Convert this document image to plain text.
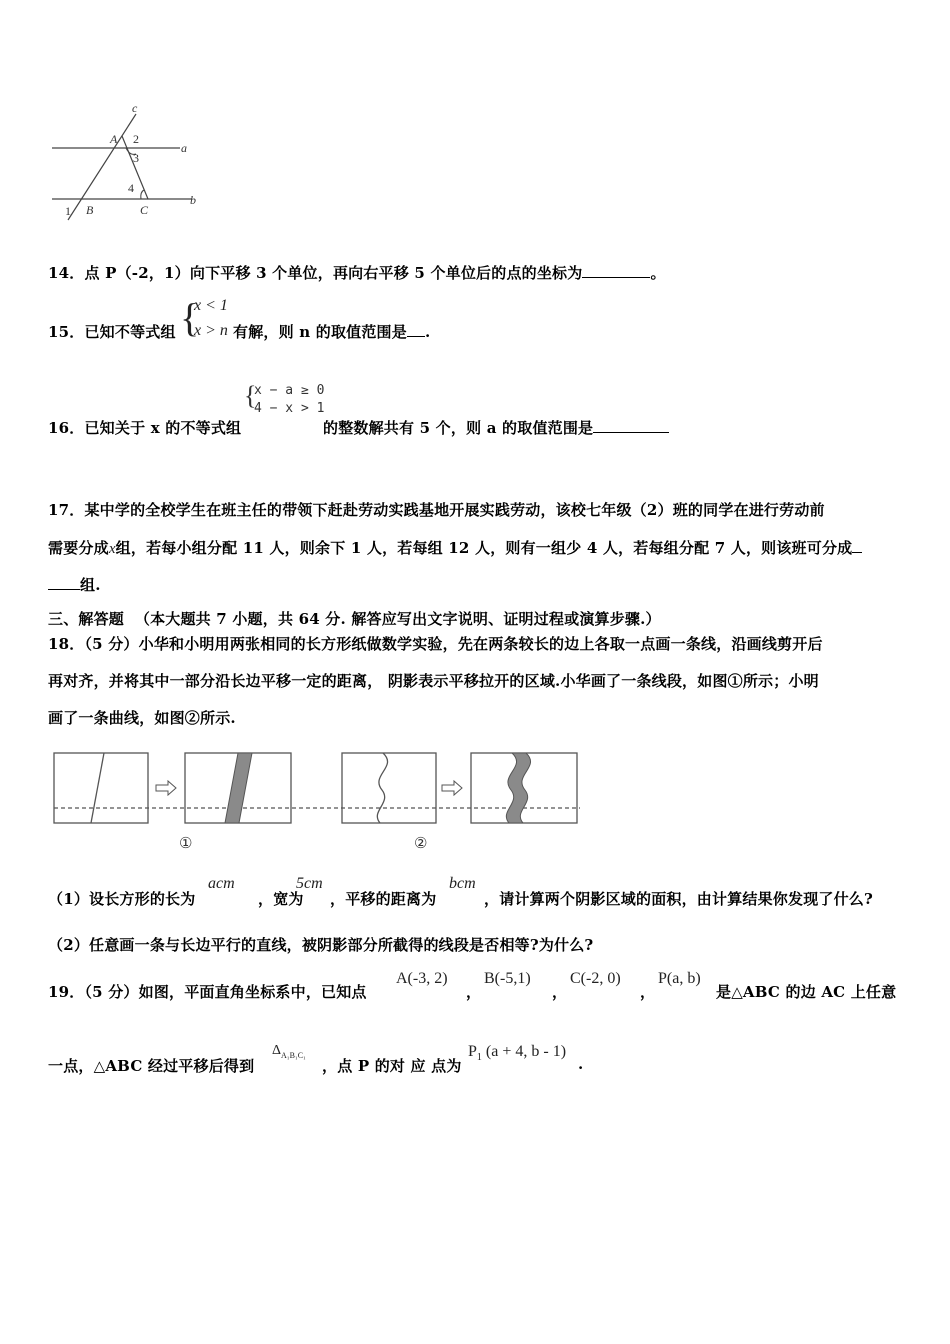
c
A 2
3
a
4
b
1 B	C
14．点 P（-2，1）向下平移 3 个单位，再向右平移 5 个单位后的点的坐标为	。
15．已知不等式组 {
x < 1
x > n 有解，则 n 的取值范围是 .
16．已知关于 x 的不等式组
{
x − a ≥ 0
4 − x > 1
的整数解共有 5 个，则 a 的取值范围是
17．某中学的全校学生在班主任的带领下赶赴劳动实践基地开展实践劳动，该校七年级（2）班的同学在进行劳动前
需要分成x组，若每小组分配 11 人，则余下 1 人，若每组 12 人，则有一组少 4 人，若每组分配 7 人，则该班可分成
组.
三、解答题 （本大题共 7 小题，共 64 分. 解答应写出文字说明、证明过程或演算步骤.）
18．（5 分）小华和小明用两张相同的长方形纸做数学实验，先在两条较长的边上各取一点画一条线，沿画线剪开后
再对齐，并将其中一部分沿长边平移一定的距离， 阴影表示平移拉开的区域.小华画了一条线段，如图①所示；小明
画了一条曲线，如图②所示.
①	②
（1）设长方形的长为
acm
，宽为
5cm
，平移的距离为
bcm
，请计算两个阴影区域的面积，由计算结果你发现了什么?
（2）任意画一条与长边平行的直线，被阴影部分所截得的线段是否相等?为什么?
19．（5 分）如图，平面直角坐标系中，已知点
A(-3, 2)
，
B(-5,1)
，
C(-2, 0)
，
P(a, b)
是△ABC 的边 AC 上任意
一点，△ABC 经过平移后得到
$\Delta_{A_1B_1C_1}$
，点 P 的对 应 点为
$P_1$ (a + 4, b - 1)
.
